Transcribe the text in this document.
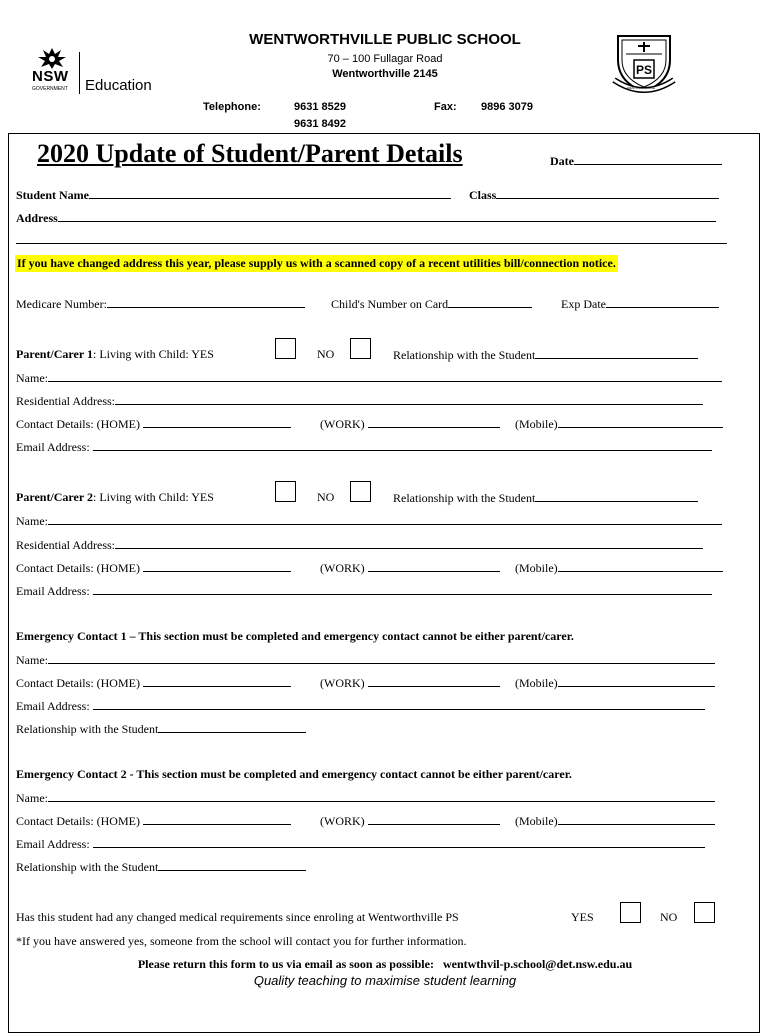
NSW
GOVERNMENT Education
WENTWORTHVILLE PUBLIC SCHOOL
70 – 100 Fullagar Road
Wentworthville 2145
Telephone:	9631 8529
9631 8492
Fax: 9896 3079
PS
WENTWORTHVILLE
2020 Update of Student/Parent Details	Date
Student Name	Class
Address
If you have changed address this year, please supply us with a scanned copy of a recent utilities bill/connection notice.
Medicare Number:	Child's Number on Card	Exp Date
Parent/Carer 1: Living with Child: YES	NO	Relationship with the Student
Name:
Residential Address:
Contact Details: (HOME)	(WORK)	(Mobile)
Email Address:
Parent/Carer 2: Living with Child: YES	NO	Relationship with the Student
Name:
Residential Address:
Contact Details: (HOME)	(WORK)	(Mobile)
Email Address:
Emergency Contact 1 – This section must be completed and emergency contact cannot be either parent/carer.
Name:
Contact Details: (HOME)	(WORK)	(Mobile)
Email Address:
Relationship with the Student
Emergency Contact 2 - This section must be completed and emergency contact cannot be either parent/carer.
Name:
Contact Details: (HOME)	(WORK)	(Mobile)
Email Address:
Relationship with the Student
Has this student had any changed medical requirements since enroling at Wentworthville PS	YES	NO
*If you have answered yes, someone from the school will contact you for further information.
Please return this form to us via email as soon as possible:   wentwthvil-p.school@det.nsw.edu.au
Quality teaching to maximise student learning
